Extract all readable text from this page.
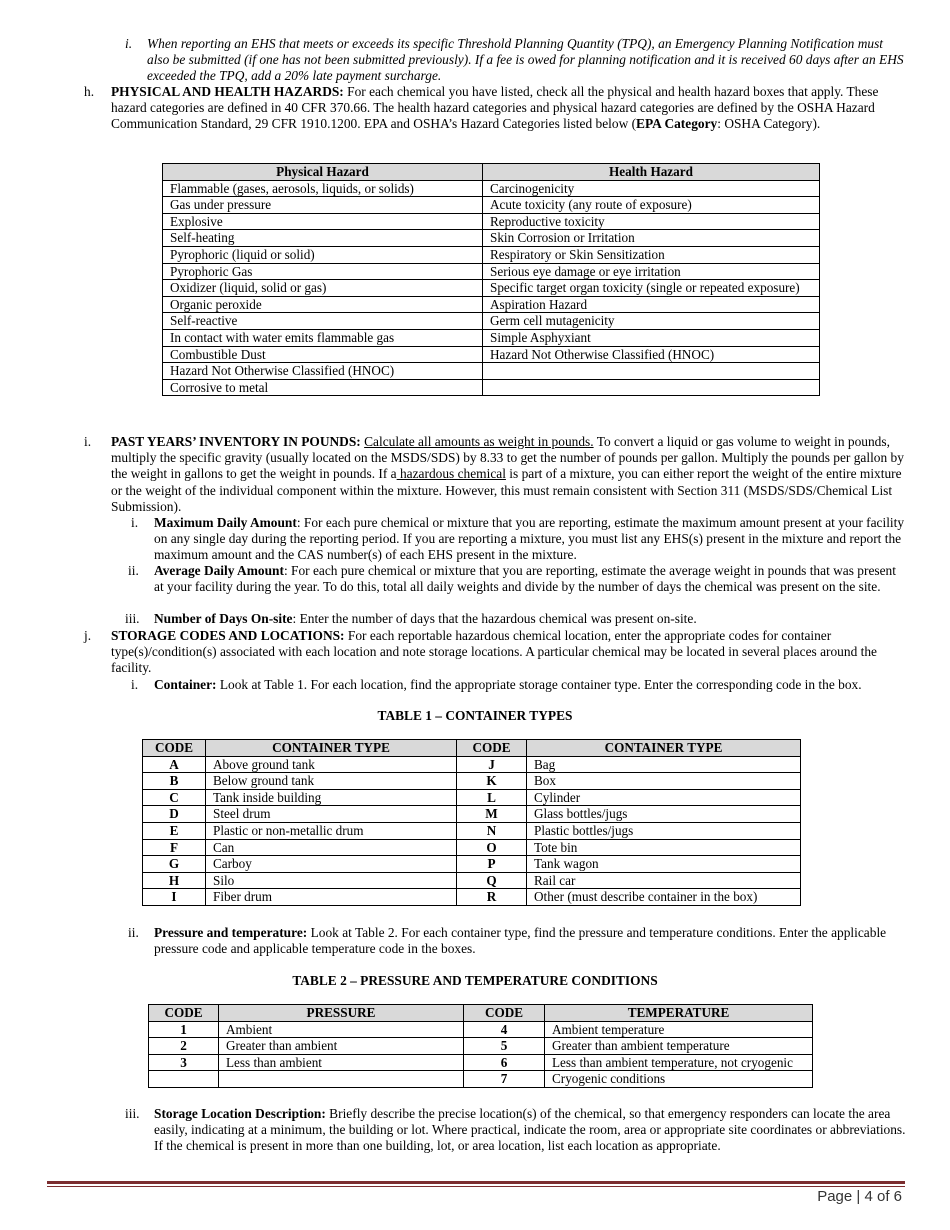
i. When reporting an EHS that meets or exceeds its specific Threshold Planning Quantity (TPQ), an Emergency Planning Notification must also be submitted (if one has not been submitted previously). If a fee is owed for planning notification and it is received 60 days after an EHS exceeded the TPQ, add a 20% late payment surcharge.
h. PHYSICAL AND HEALTH HAZARDS: For each chemical you have listed, check all the physical and health hazard boxes that apply. These hazard categories are defined in 40 CFR 370.66. The health hazard categories and physical hazard categories are defined by the OSHA Hazard Communication Standard, 29 CFR 1910.1200. EPA and OSHA’s Hazard Categories listed below (EPA Category: OSHA Category).
Physical Hazard	Health Hazard
Flammable (gases, aerosols, liquids, or solids)	Carcinogenicity
Gas under pressure	Acute toxicity (any route of exposure)
Explosive	Reproductive toxicity
Self-heating	Skin Corrosion or Irritation
Pyrophoric (liquid or solid)	Respiratory or Skin Sensitization
Pyrophoric Gas	Serious eye damage or eye irritation
Oxidizer (liquid, solid or gas)	Specific target organ toxicity (single or repeated exposure)
Organic peroxide	Aspiration Hazard
Self-reactive	Germ cell mutagenicity
In contact with water emits flammable gas	Simple Asphyxiant
Combustible Dust	Hazard Not Otherwise Classified (HNOC)
Hazard Not Otherwise Classified (HNOC)	
Corrosive to metal	
i. PAST YEARS’ INVENTORY IN POUNDS: Calculate all amounts as weight in pounds. To convert a liquid or gas volume to weight in pounds, multiply the specific gravity (usually located on the MSDS/SDS) by 8.33 to get the number of pounds per gallon. Multiply the pounds per gallon by the weight in gallons to get the weight in pounds. If a hazardous chemical is part of a mixture, you can either report the weight of the entire mixture or the weight of the individual component within the mixture. However, this must remain consistent with Section 311 (MSDS/SDS/Chemical List Submission).
i. Maximum Daily Amount: For each pure chemical or mixture that you are reporting, estimate the maximum amount present at your facility on any single day during the reporting period. If you are reporting a mixture, you must list any EHS(s) present in the mixture and report the maximum amount and the CAS number(s) of each EHS present in the mixture.
ii. Average Daily Amount: For each pure chemical or mixture that you are reporting, estimate the average weight in pounds that was present at your facility during the year. To do this, total all daily weights and divide by the number of days the chemical was present on the site.
iii. Number of Days On-site: Enter the number of days that the hazardous chemical was present on-site.
j. STORAGE CODES AND LOCATIONS: For each reportable hazardous chemical location, enter the appropriate codes for container type(s)/condition(s) associated with each location and note storage locations. A particular chemical may be located in several places around the facility.
i. Container: Look at Table 1. For each location, find the appropriate storage container type. Enter the corresponding code in the box.
TABLE 1 – CONTAINER TYPES
CODE	CONTAINER TYPE	CODE	CONTAINER TYPE
A	Above ground tank	J	Bag
B	Below ground tank	K	Box
C	Tank inside building	L	Cylinder
D	Steel drum	M	Glass bottles/jugs
E	Plastic or non-metallic drum	N	Plastic bottles/jugs
F	Can	O	Tote bin
G	Carboy	P	Tank wagon
H	Silo	Q	Rail car
I	Fiber drum	R	Other (must describe container in the box)
ii. Pressure and temperature: Look at Table 2. For each container type, find the pressure and temperature conditions. Enter the applicable pressure code and applicable temperature code in the boxes.
TABLE 2 – PRESSURE AND TEMPERATURE CONDITIONS
CODE	PRESSURE	CODE	TEMPERATURE
1	Ambient	4	Ambient temperature
2	Greater than ambient	5	Greater than ambient temperature
3	Less than ambient	6	Less than ambient temperature, not cryogenic
		7	Cryogenic conditions
iii. Storage Location Description: Briefly describe the precise location(s) of the chemical, so that emergency responders can locate the area easily, indicating at a minimum, the building or lot. Where practical, indicate the room, area or appropriate site coordinates or abbreviations. If the chemical is present in more than one building, lot, or area location, list each location as appropriate.
Page | 4 of 6
